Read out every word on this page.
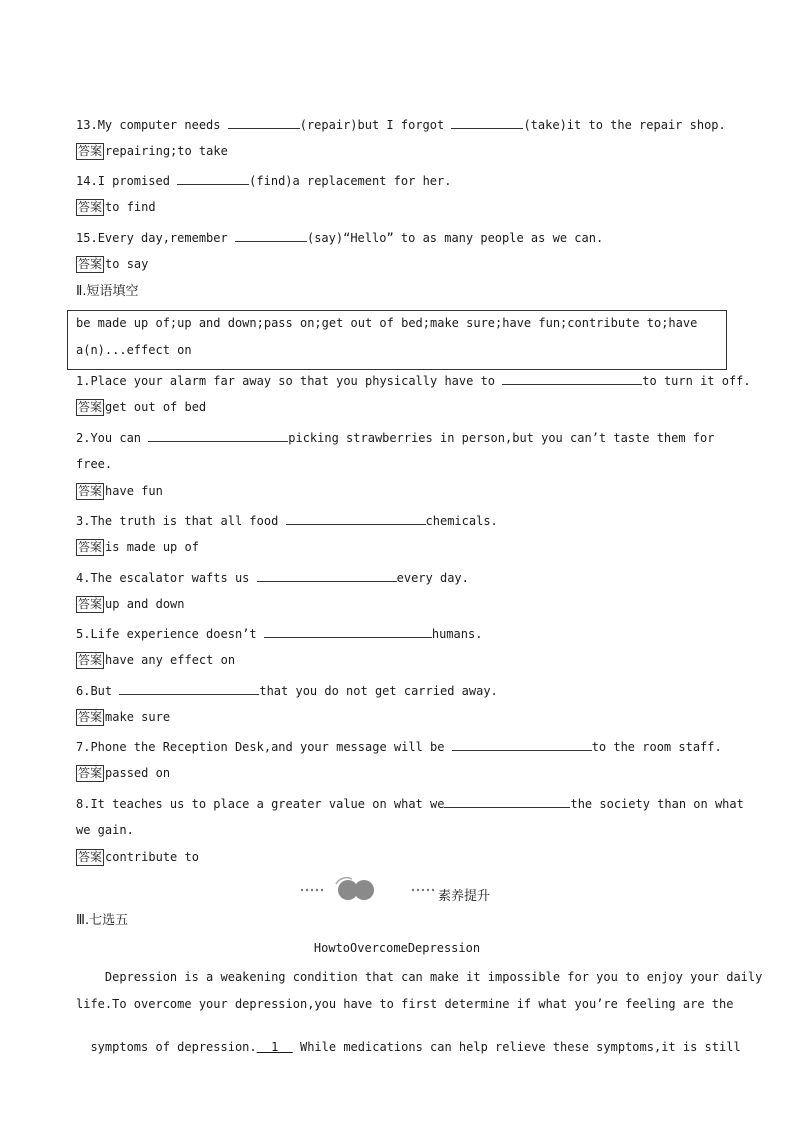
13.My computer needs	(repair)but I forgot	(take)it to the repair shop.
答案 repairing;to take
14.I promised	(find)a replacement for her.
答案 to find
15.Every day,remember	(say)“Hello” to as many people as we can.
答案 to say
Ⅱ.短语填空
be made up of;up and down;pass on;get out of bed;make sure;have fun;contribute to;have
a(n)...effect on
1.Place your alarm far away so that you physically have to	to turn it off.
答案 get out of bed
2.You can	picking strawberries in person,but you can’t taste them for
free.
答案 have fun
3.The truth is that all food	chemicals.
答案 is made up of
4.The escalator wafts us	every day.
答案 up and down
5.Life experience doesn’t	humans.
答案 have any effect on
6.But	that you do not get carried away.
答案 make sure
7.Phone the Reception Desk,and your message will be	to the room staff.
答案 passed on
8.It teaches us to place a greater value on what we	the society than on what
we gain.
答案 contribute to
素养提升
Ⅲ.七选五
HowtoOvercomeDepression
Depression is a weakening condition that can make it impossible for you to enjoy your daily
life.To overcome your depression,you have to first determine if what you’re feeling are the

symptoms of depression.  1   While medications can help relieve these symptoms,it is still
